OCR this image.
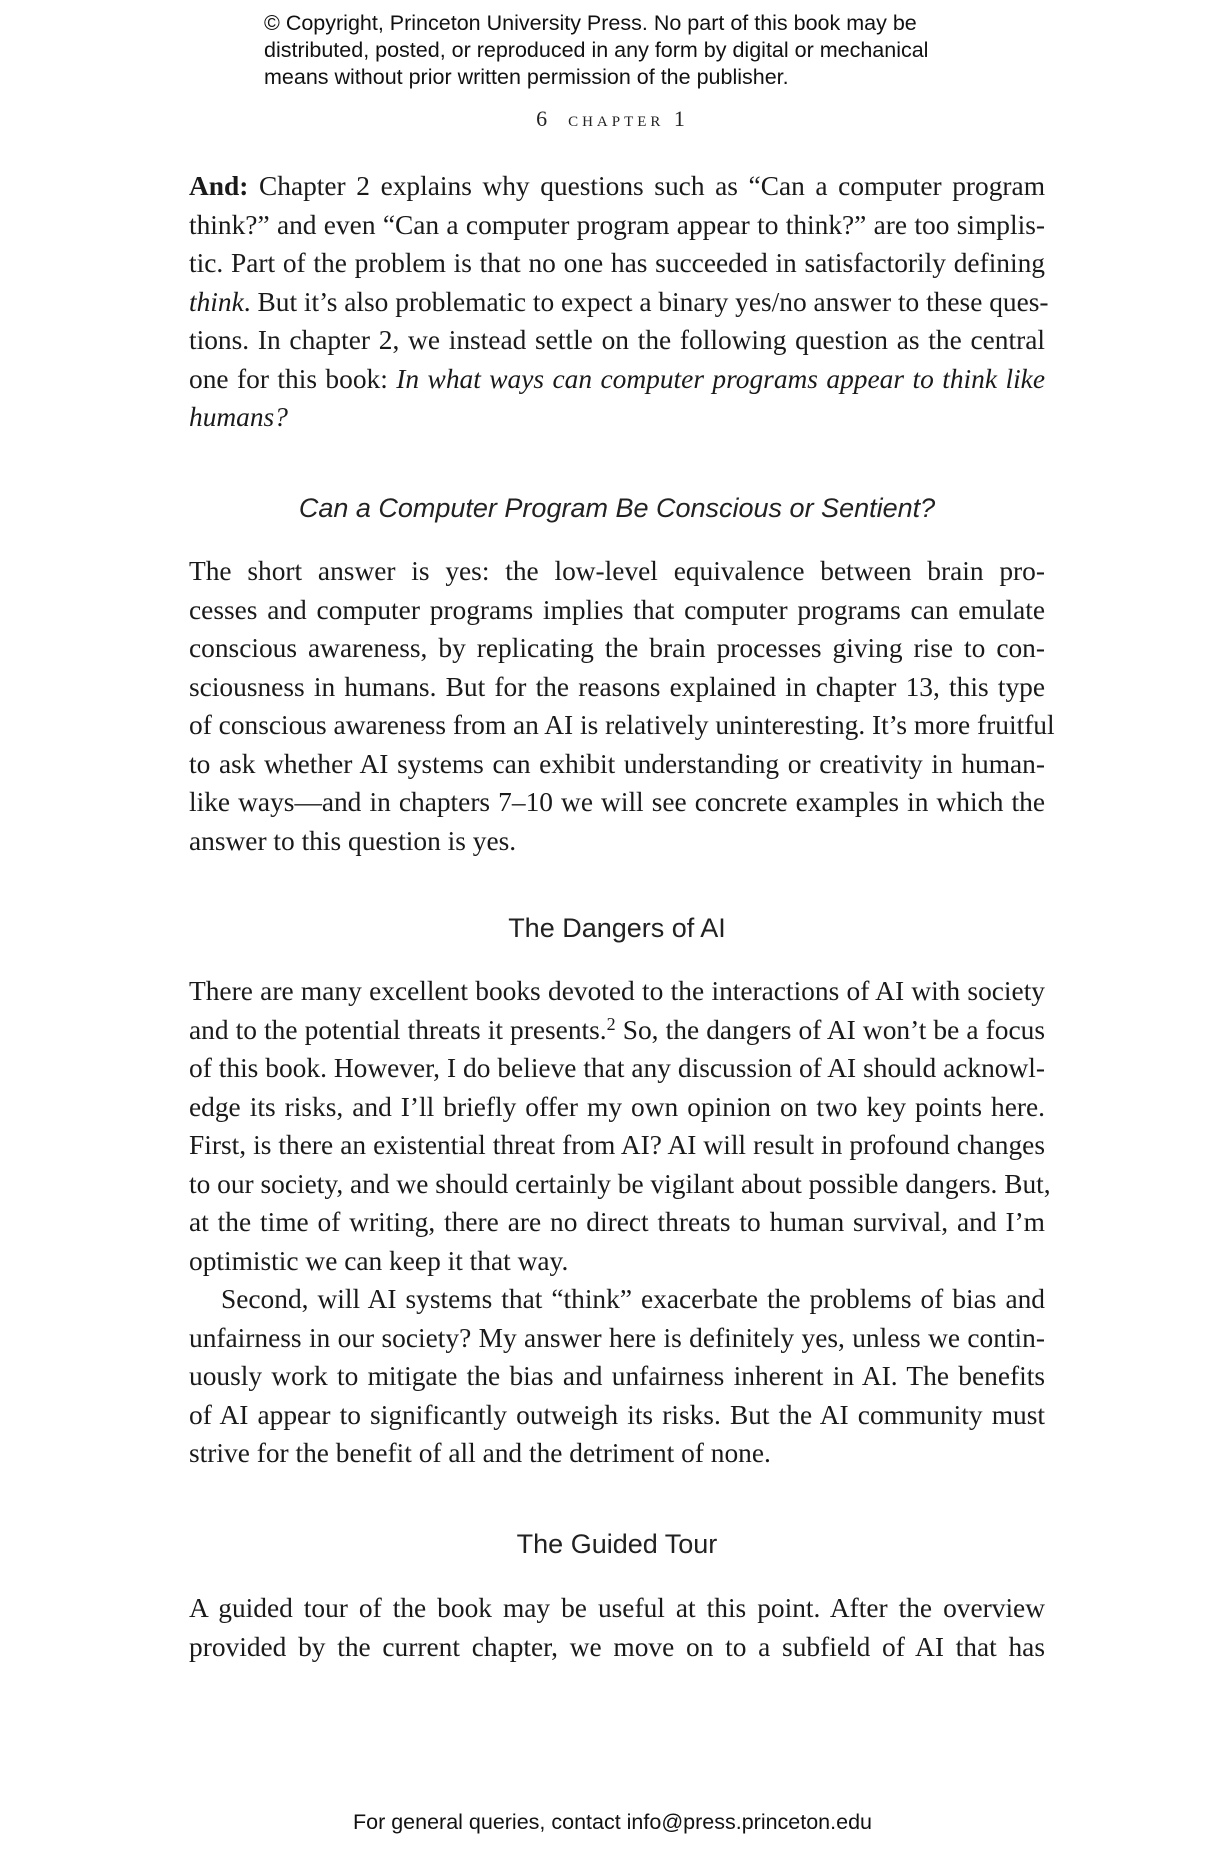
© Copyright, Princeton University Press. No part of this book may be
distributed, posted, or reproduced in any form by digital or mechanical
means without prior written permission of the publisher.
6 chapter 1
And: Chapter 2 explains why questions such as “Can a computer program
think?” and even “Can a computer program appear to think?” are too simplis-
tic. Part of the problem is that no one has succeeded in satisfactorily defining
think. But it’s also problematic to expect a binary yes/no answer to these ques-
tions. In chapter 2, we instead settle on the following question as the central
one for this book: In what ways can computer programs appear to think like
humans?
Can a Computer Program Be Conscious or Sentient?
The short answer is yes: the low-level equivalence between brain pro-
cesses and computer programs implies that computer programs can emulate
conscious awareness, by replicating the brain processes giving rise to con-
sciousness in humans. But for the reasons explained in chapter 13, this type
of conscious awareness from an AI is relatively uninteresting. It’s more fruitful
to ask whether AI systems can exhibit understanding or creativity in human-
like ways—and in chapters 7–10 we will see concrete examples in which the
answer to this question is yes.
The Dangers of AI
There are many excellent books devoted to the interactions of AI with society
and to the potential threats it presents.$^2$ So, the dangers of AI won’t be a focus
of this book. However, I do believe that any discussion of AI should acknowl-
edge its risks, and I’ll briefly offer my own opinion on two key points here.
First, is there an existential threat from AI? AI will result in profound changes
to our society, and we should certainly be vigilant about possible dangers. But,
at the time of writing, there are no direct threats to human survival, and I’m
optimistic we can keep it that way.
Second, will AI systems that “think” exacerbate the problems of bias and
unfairness in our society? My answer here is definitely yes, unless we contin-
uously work to mitigate the bias and unfairness inherent in AI. The benefits
of AI appear to significantly outweigh its risks. But the AI community must
strive for the benefit of all and the detriment of none.
The Guided Tour
A guided tour of the book may be useful at this point. After the overview
provided by the current chapter, we move on to a subfield of AI that has
For general queries, contact info@press.princeton.edu
